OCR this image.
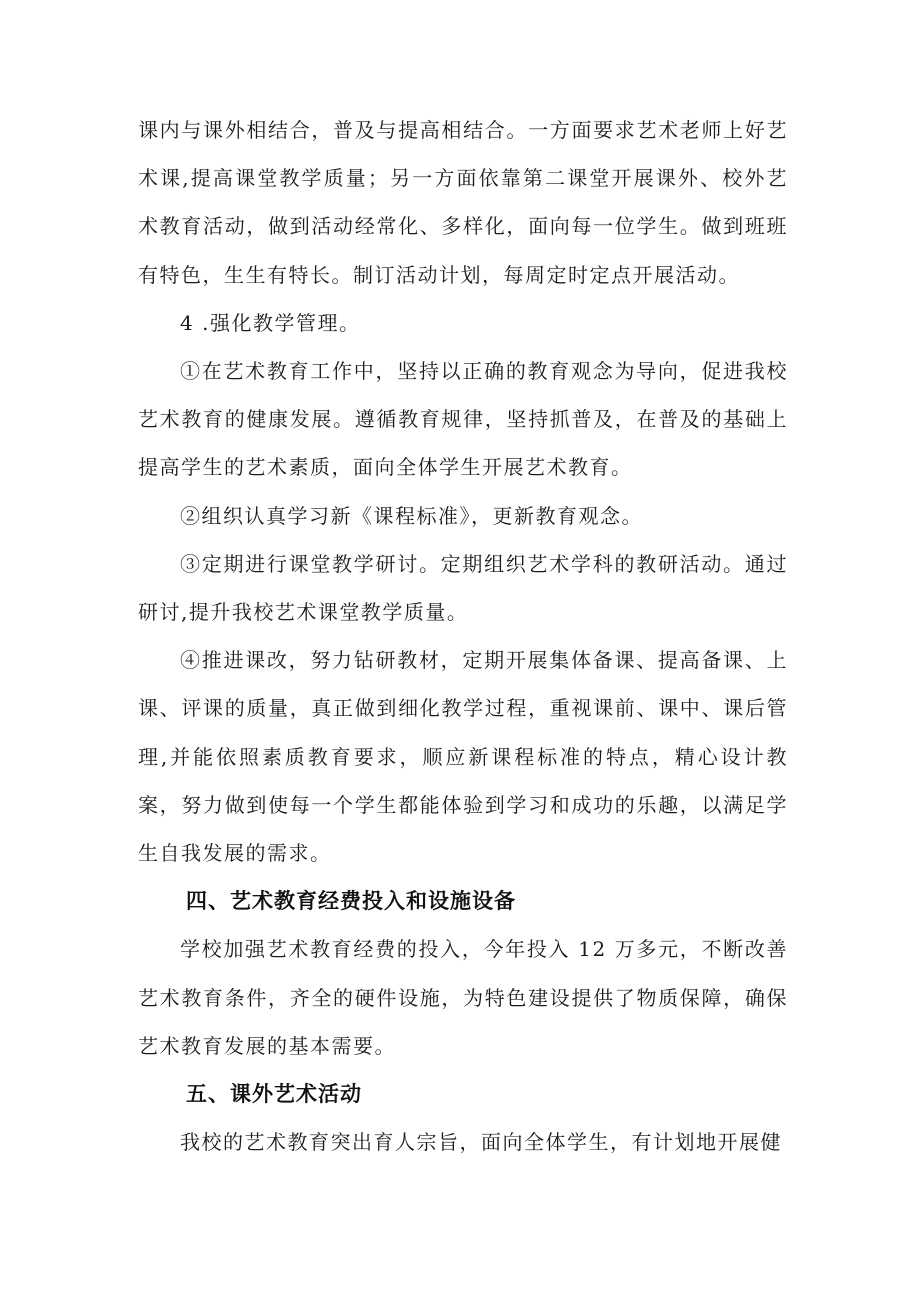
课内与课外相结合，普及与提高相结合。一方面要求艺术老师上好艺术课,提高课堂教学质量；另一方面依靠第二课堂开展课外、校外艺术教育活动，做到活动经常化、多样化，面向每一位学生。做到班班有特色，生生有特长。制订活动计划，每周定时定点开展活动。

4 .强化教学管理。

①在艺术教育工作中，坚持以正确的教育观念为导向，促进我校艺术教育的健康发展。遵循教育规律，坚持抓普及，在普及的基础上提高学生的艺术素质，面向全体学生开展艺术教育。

②组织认真学习新《课程标准》，更新教育观念。

③定期进行课堂教学研讨。定期组织艺术学科的教研活动。通过研讨,提升我校艺术课堂教学质量。

④推进课改，努力钻研教材，定期开展集体备课、提高备课、上课、评课的质量，真正做到细化教学过程，重视课前、课中、课后管理,并能依照素质教育要求，顺应新课程标准的特点，精心设计教案，努力做到使每一个学生都能体验到学习和成功的乐趣，以满足学生自我发展的需求。

四、艺术教育经费投入和设施设备

学校加强艺术教育经费的投入，今年投入 12 万多元，不断改善艺术教育条件，齐全的硬件设施，为特色建设提供了物质保障，确保艺术教育发展的基本需要。

五、课外艺术活动

我校的艺术教育突出育人宗旨，面向全体学生，有计划地开展健
